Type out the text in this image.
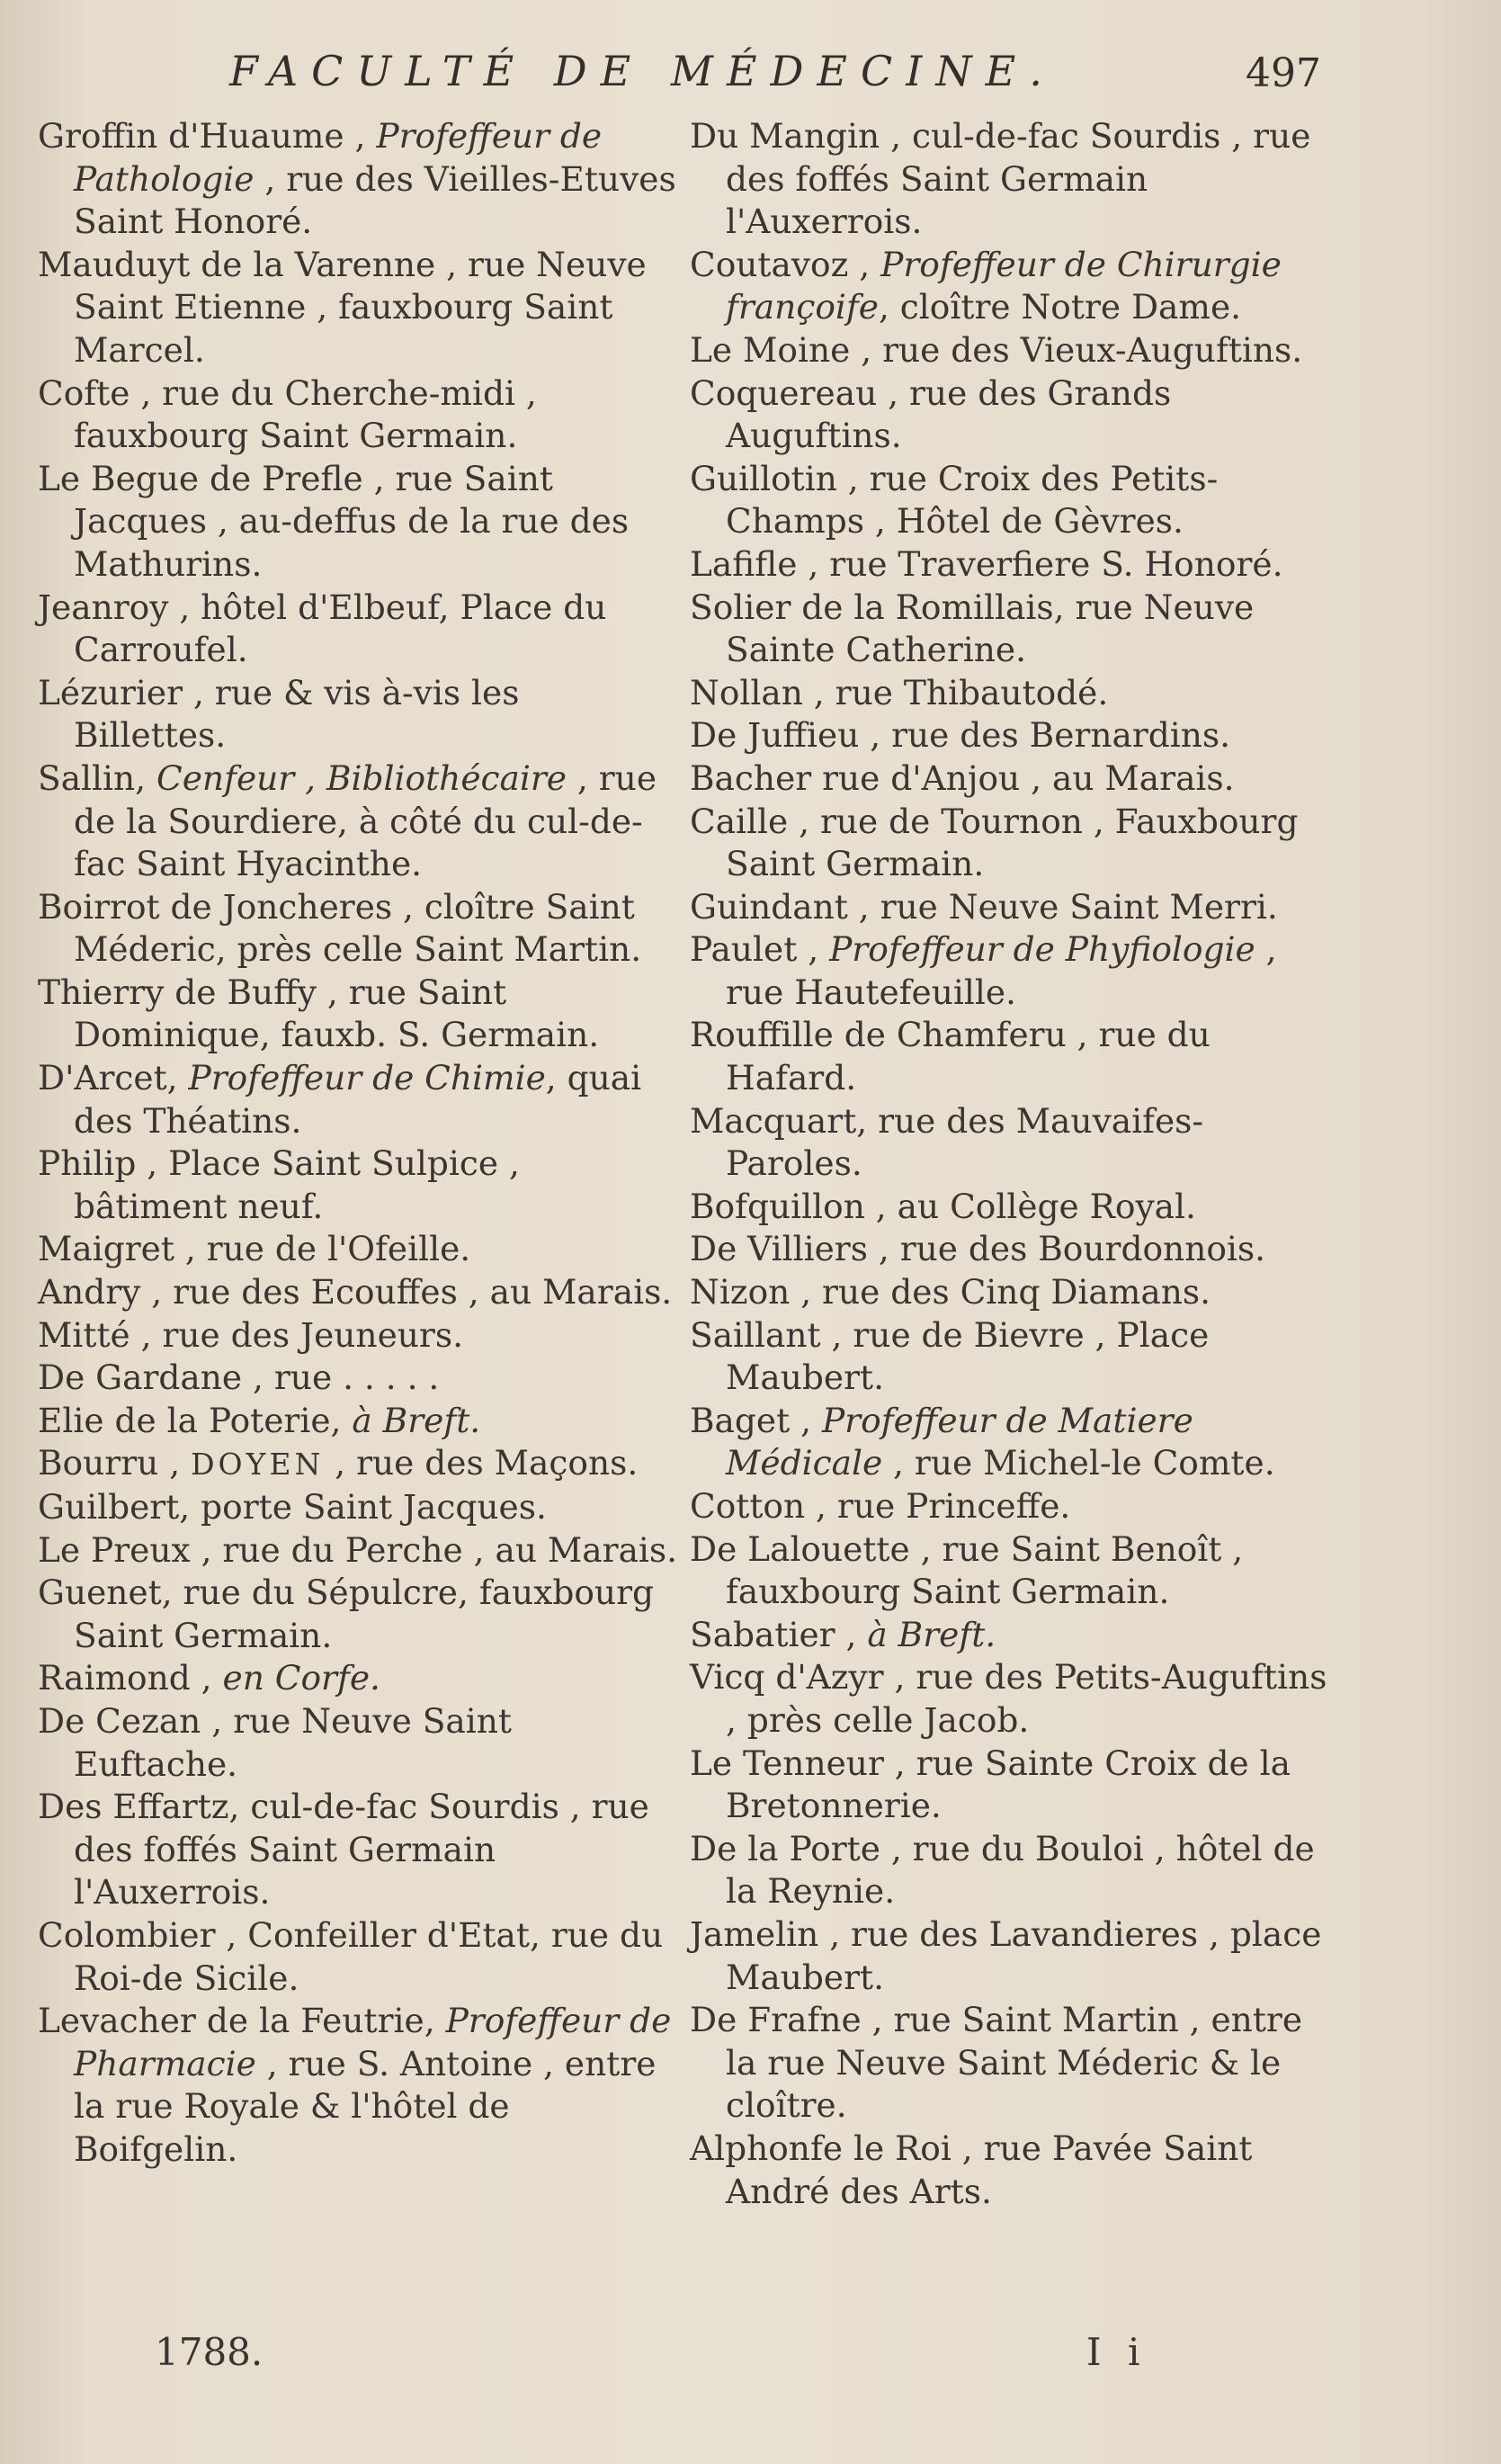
FACULTÉ DE MÉDECINE.	497
Groffin d'Huaume , Profeffeur de Pathologie , rue des Vieilles-Etuves Saint Honoré.
Mauduyt de la Varenne , rue Neuve Saint Etienne , fauxbourg Saint Marcel.
Cofte , rue du Cherche-midi , fauxbourg Saint Germain.
Le Begue de Prefle , rue Saint Jacques , au-deffus de la rue des Mathurins.
Jeanroy , hôtel d'Elbeuf, Place du Carroufel.
Lézurier , rue & vis à-vis les Billettes.
Sallin, Cenfeur , Bibliothécaire , rue de la Sourdiere, à côté du cul-de-fac Saint Hyacinthe.
Boirrot de Joncheres , cloître Saint Méderic, près celle Saint Martin.
Thierry de Buffy , rue Saint Dominique, fauxb. S. Germain.
D'Arcet, Profeffeur de Chimie, quai des Théatins.
Philip , Place Saint Sulpice , bâtiment neuf.
Maigret , rue de l'Ofeille.
Andry , rue des Ecouffes , au Marais.
Mitté , rue des Jeuneurs.
De Gardane , rue . . . . .
Elie de la Poterie, à Breft.
Bourru , DOYEN , rue des Maçons.
Guilbert, porte Saint Jacques.
Le Preux , rue du Perche , au Marais.
Guenet, rue du Sépulcre, fauxbourg Saint Germain.
Raimond , en Corfe.
De Cezan , rue Neuve Saint Euftache.
Des Effartz, cul-de-fac Sourdis , rue des foffés Saint Germain l'Auxerrois.
Colombier , Confeiller d'Etat, rue du Roi-de Sicile.
Levacher de la Feutrie, Profeffeur de Pharmacie , rue S. Antoine , entre la rue Royale & l'hôtel de Boifgelin.
Du Mangin , cul-de-fac Sourdis , rue des foffés Saint Germain l'Auxerrois.
Coutavoz , Profeffeur de Chirurgie françoife, cloître Notre Dame.
Le Moine , rue des Vieux-Auguftins.
Coquereau , rue des Grands Auguftins.
Guillotin , rue Croix des Petits-Champs , Hôtel de Gèvres.
Lafifle , rue Traverfiere S. Honoré.
Solier de la Romillais, rue Neuve Sainte Catherine.
Nollan , rue Thibautodé.
De Juffieu , rue des Bernardins.
Bacher rue d'Anjou , au Marais.
Caille , rue de Tournon , Fauxbourg Saint Germain.
Guindant , rue Neuve Saint Merri.
Paulet , Profeffeur de Phyfiologie , rue Hautefeuille.
Rouffille de Chamferu , rue du Hafard.
Macquart, rue des Mauvaifes-Paroles.
Bofquillon , au Collège Royal.
De Villiers , rue des Bourdonnois.
Nizon , rue des Cinq Diamans.
Saillant , rue de Bievre , Place Maubert.
Baget , Profeffeur de Matiere Médicale , rue Michel-le Comte.
Cotton , rue Princeffe.
De Lalouette , rue Saint Benoît , fauxbourg Saint Germain.
Sabatier , à Breft.
Vicq d'Azyr , rue des Petits-Auguftins , près celle Jacob.
Le Tenneur , rue Sainte Croix de la Bretonnerie.
De la Porte , rue du Bouloi , hôtel de la Reynie.
Jamelin , rue des Lavandieres , place Maubert.
De Frafne , rue Saint Martin , entre la rue Neuve Saint Méderic & le cloître.
Alphonfe le Roi , rue Pavée Saint André des Arts.
1788.	I i
